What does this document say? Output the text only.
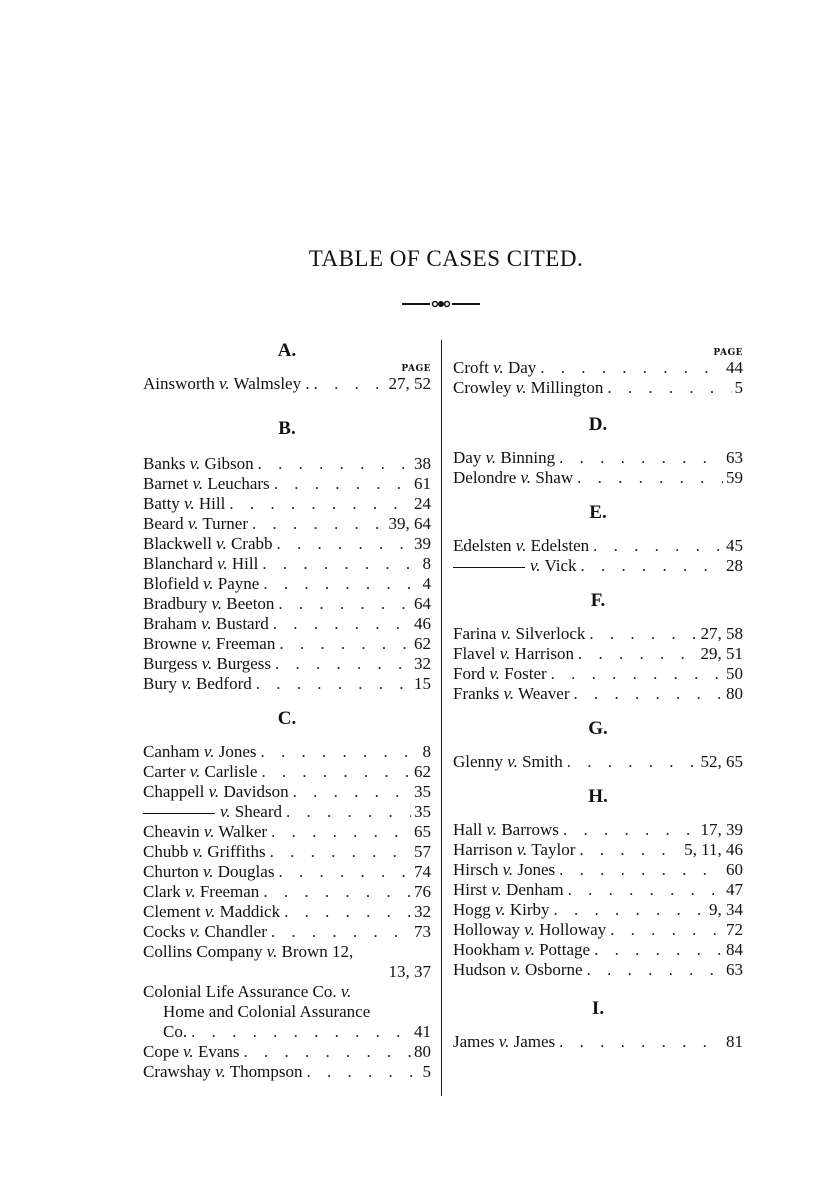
TABLE OF CASES CITED.
A.
PAGE
Ainsworth v. Walmsley . . . .	27, 52
B.
Banks v. Gibson . . .	38
Barnet v. Leuchars . . .	61
Batty v. Hill . . .	24
Beard v. Turner . . .	39, 64
Blackwell v. Crabb . . .	39
Blanchard v. Hill . . .	8
Blofield v. Payne . . .	4
Bradbury v. Beeton . . .	64
Braham v. Bustard . . .	46
Browne v. Freeman . . .	62
Burgess v. Burgess . . .	32
Bury v. Bedford . . .	15
C.
Canham v. Jones . . .	8
Carter v. Carlisle . . .	62
Chappell v. Davidson . . .	35
v. Sheard . . .	35
Cheavin v. Walker . . .	65
Chubb v. Griffiths . . .	57
Churton v. Douglas . . .	74
Clark v. Freeman . . .	76
Clement v. Maddick . . .	32
Cocks v. Chandler . . .	73
Collins Company v. Brown 12,
13, 37
Colonial Life Assurance Co. v.
Home and Colonial Assurance
Co. . . .	41
Cope v. Evans . . .	80
Crawshay v. Thompson . . .	5
PAGE
Croft v. Day . . .	44
Crowley v. Millington . . .	5
D.
Day v. Binning . . .	63
Delondre v. Shaw . . .	59
E.
Edelsten v. Edelsten . . .	45
v. Vick . . .	28
F.
Farina v. Silverlock . . .	27, 58
Flavel v. Harrison . . .	29, 51
Ford v. Foster . . .	50
Franks v. Weaver . . .	80
G.
Glenny v. Smith . . .	52, 65
H.
Hall v. Barrows . . .	17, 39
Harrison v. Taylor . . .	5, 11, 46
Hirsch v. Jones . . .	60
Hirst v. Denham . . .	47
Hogg v. Kirby . . .	9, 34
Holloway v. Holloway . . .	72
Hookham v. Pottage . . .	84
Hudson v. Osborne . . .	63
I.
James v. James . . .	81
